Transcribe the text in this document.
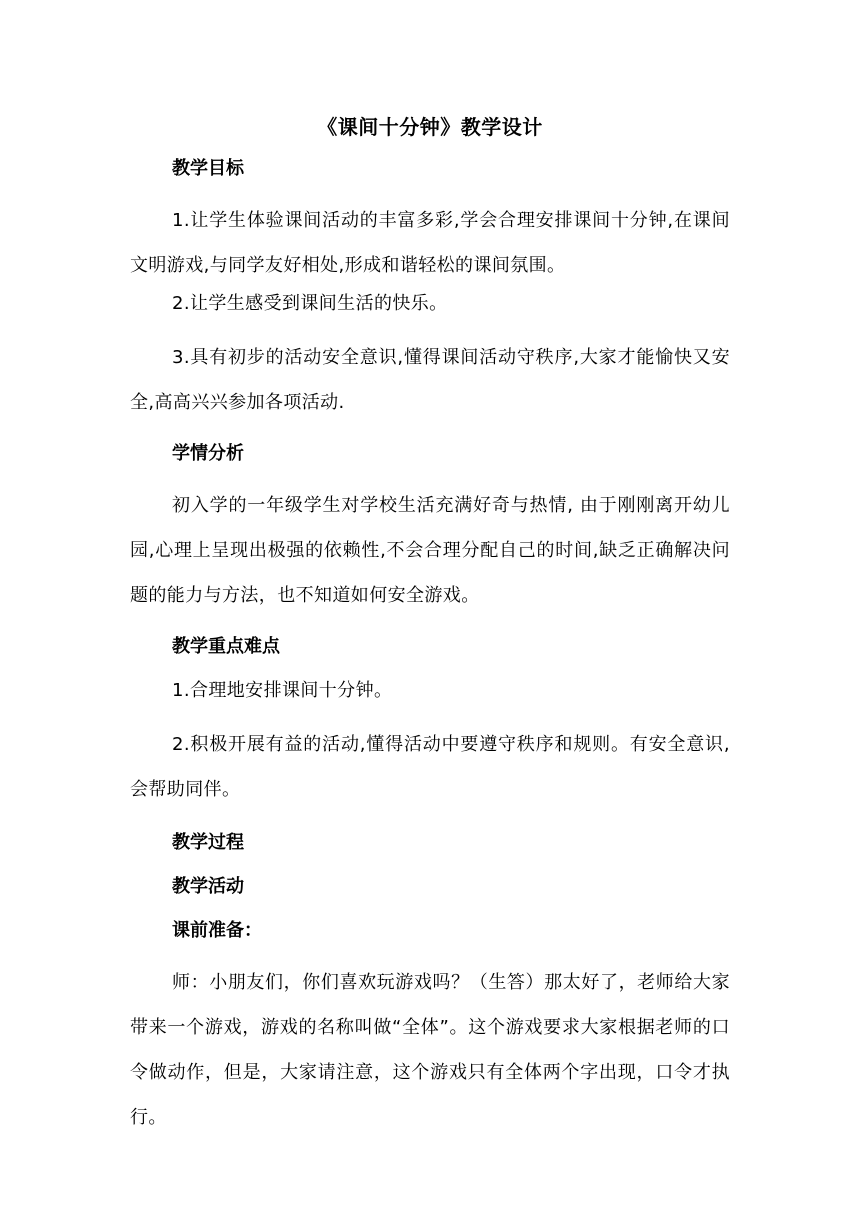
《课间十分钟》教学设计
教学目标
1.让学生体验课间活动的丰富多彩,学会合理安排课间十分钟,在课间文明游戏,与同学友好相处,形成和谐轻松的课间氛围。
2.让学生感受到课间生活的快乐。
3.具有初步的活动安全意识,懂得课间活动守秩序,大家才能愉快又安全,高高兴兴参加各项活动.
学情分析
初入学的一年级学生对学校生活充满好奇与热情, 由于刚刚离开幼儿园,心理上呈现出极强的依赖性,不会合理分配自己的时间,缺乏正确解决问题的能力与方法，也不知道如何安全游戏。
教学重点难点
1.合理地安排课间十分钟。
2.积极开展有益的活动,懂得活动中要遵守秩序和规则。有安全意识,会帮助同伴。
教学过程
教学活动
课前准备：
师：小朋友们，你们喜欢玩游戏吗？（生答）那太好了，老师给大家带来一个游戏，游戏的名称叫做“全体”。这个游戏要求大家根据老师的口令做动作，但是，大家请注意，这个游戏只有全体两个字出现，口令才执行。
